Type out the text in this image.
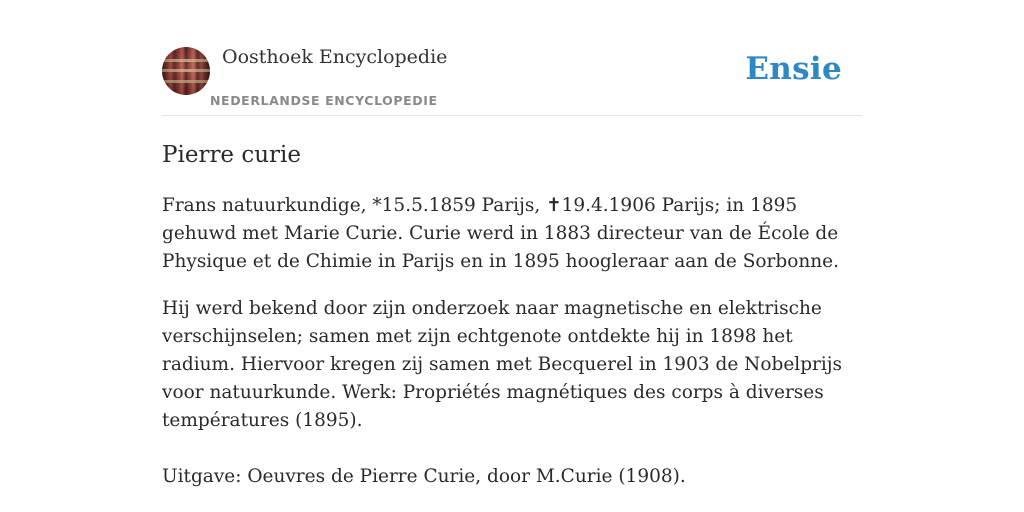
Oosthoek Encyclopedie
NEDERLANDSE ENCYCLOPEDIE
Ensie
Pierre curie

Frans natuurkundige, *15.5.1859 Parijs, ✝19.4.1906 Parijs; in 1895 gehuwd met Marie Curie. Curie werd in 1883 directeur van de École de Physique et de Chimie in Parijs en in 1895 hoogleraar aan de Sorbonne.

Hij werd bekend door zijn onderzoek naar magnetische en elektrische verschijnselen; samen met zijn echtgenote ontdekte hij in 1898 het radium. Hiervoor kregen zij samen met Becquerel in 1903 de Nobelprijs voor natuurkunde. Werk: Propriétés magnétiques des corps à diverses températures (1895).

Uitgave: Oeuvres de Pierre Curie, door M.Curie (1908).
